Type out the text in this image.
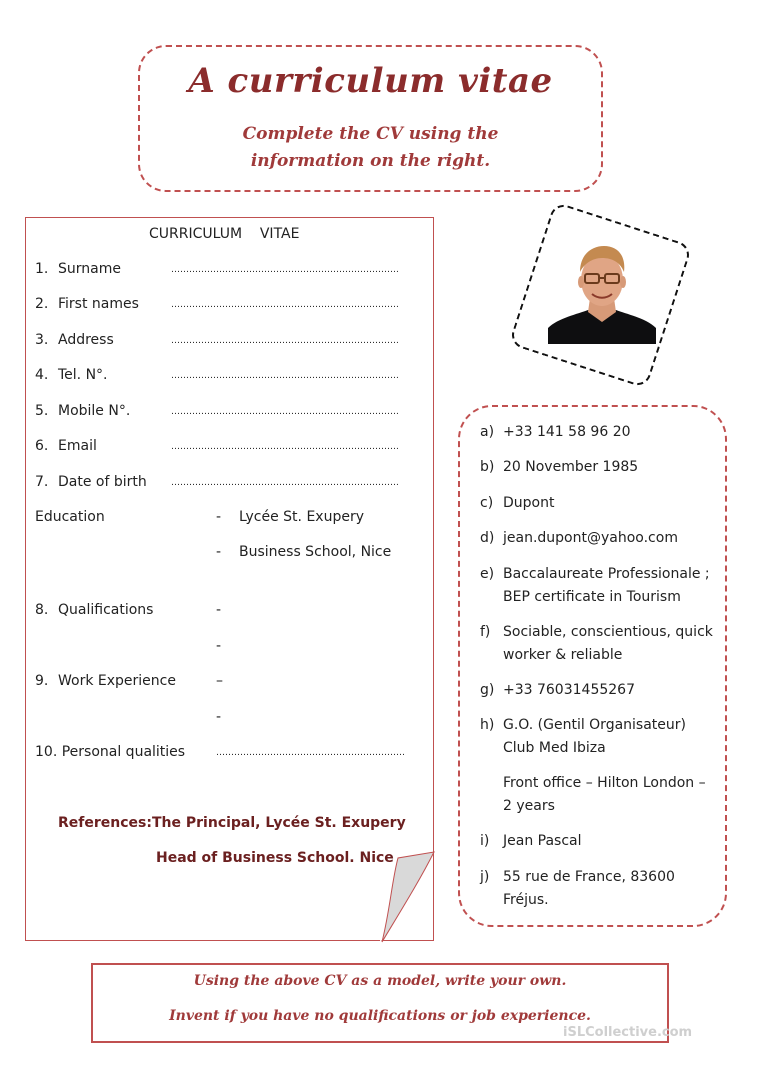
A curriculum vitae
Complete the CV using the
information on the right.
CURRICULUM    VITAE
1. Surname	………………………………………………………………….
2. First names	………………………………………………………………….
3. Address	………………………………………………………………….
4. Tel. N°.	………………………………………………………………….
5. Mobile N°.	………………………………………………………………….
6. Email	………………………………………………………………….
7. Date of birth	………………………………………………………………….
Education	- Lycée St. Exupery
- Business School, Nice
8. Qualifications	-
-
9. Work Experience	–
-
10. Personal qualities	………………………………………………………
References: The Principal, Lycée St. Exupery
Head of Business School. Nice
a) +33 141 58 96 20
b) 20 November 1985
c) Dupont
d) jean.dupont@yahoo.com
e) Baccalaureate Professionale ;
BEP certificate in Tourism
f) Sociable, conscientious, quick
worker & reliable
g) +33 76031455267
h) G.O. (Gentil Organisateur)
Club Med Ibiza
Front office – Hilton London –
2 years
i) Jean Pascal
j) 55 rue de France, 83600
Fréjus.
Using the above CV as a model, write your own.
Invent if you have no qualifications or job experience.
iSLCollective.com
